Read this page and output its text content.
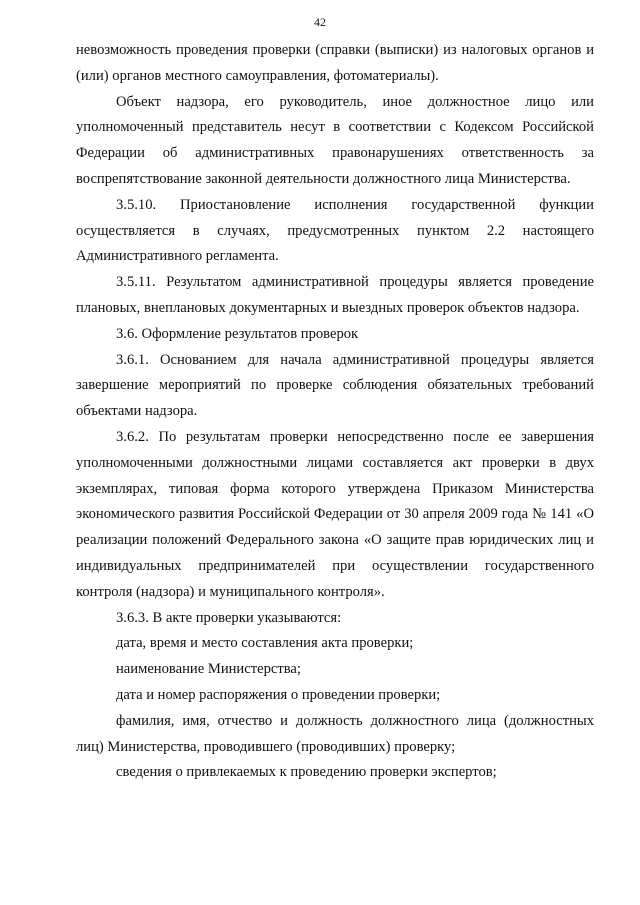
42

невозможность проведения проверки (справки (выписки) из налоговых органов и (или) органов местного самоуправления, фотоматериалы).

Объект надзора, его руководитель, иное должностное лицо или уполномоченный представитель несут в соответствии с Кодексом Российской Федерации об административных правонарушениях ответственность за воспрепятствование законной деятельности должностного лица Министерства.

3.5.10. Приостановление исполнения государственной функции осуществляется в случаях, предусмотренных пунктом 2.2 настоящего Административного регламента.

3.5.11. Результатом административной процедуры является проведение плановых, внеплановых документарных и выездных проверок объектов надзора.

3.6. Оформление результатов проверок

3.6.1. Основанием для начала административной процедуры является завершение мероприятий по проверке соблюдения обязательных требований объектами надзора.

3.6.2. По результатам проверки непосредственно после ее завершения уполномоченными должностными лицами составляется акт проверки в двух экземплярах, типовая форма которого утверждена Приказом Министерства экономического развития Российской Федерации от 30 апреля 2009 года № 141 «О реализации положений Федерального закона «О защите прав юридических лиц и индивидуальных предпринимателей при осуществлении государственного контроля (надзора) и муниципального контроля».

3.6.3. В акте проверки указываются:

дата, время и место составления акта проверки;

наименование Министерства;

дата и номер распоряжения о проведении проверки;

фамилия, имя, отчество и должность должностного лица (должностных лиц) Министерства, проводившего (проводивших) проверку;

сведения о привлекаемых к проведению проверки экспертов;
